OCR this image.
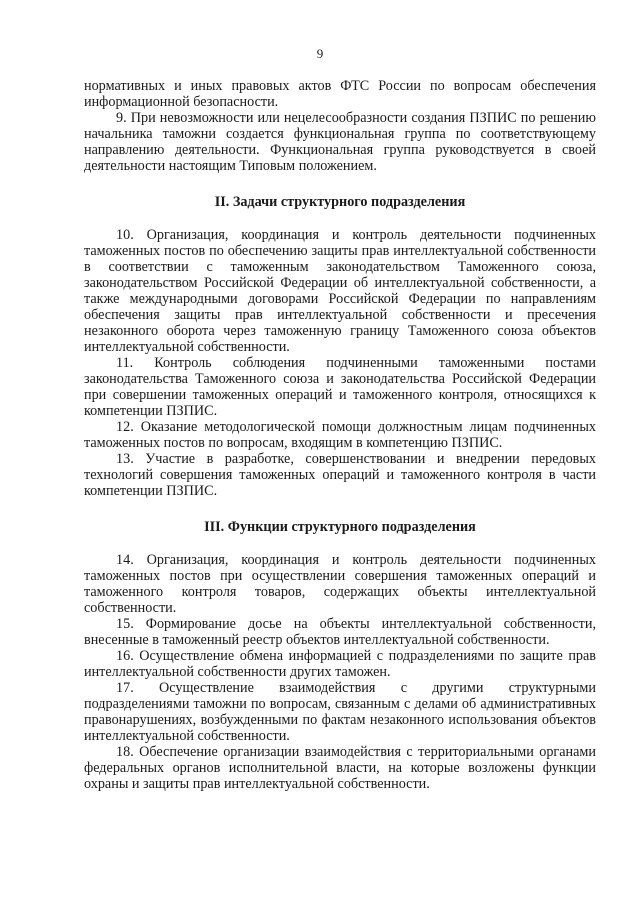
9

нормативных и иных правовых актов ФТС России по вопросам обеспечения информационной безопасности.

9. При невозможности или нецелесообразности создания ПЗПИС по решению начальника таможни создается функциональная группа по соответствующему направлению деятельности. Функциональная группа руководствуется в своей деятельности настоящим Типовым положением.

II. Задачи структурного подразделения

10. Организация, координация и контроль деятельности подчиненных таможенных постов по обеспечению защиты прав интеллектуальной собственности в соответствии с таможенным законодательством Таможенного союза, законодательством Российской Федерации об интеллектуальной собственности, а также международными договорами Российской Федерации по направлениям обеспечения защиты прав интеллектуальной собственности и пресечения незаконного оборота через таможенную границу Таможенного союза объектов интеллектуальной собственности.

11. Контроль соблюдения подчиненными таможенными постами законодательства Таможенного союза и законодательства Российской Федерации при совершении таможенных операций и таможенного контроля, относящихся к компетенции ПЗПИС.

12. Оказание методологической помощи должностным лицам подчиненных таможенных постов по вопросам, входящим в компетенцию ПЗПИС.

13. Участие в разработке, совершенствовании и внедрении передовых технологий совершения таможенных операций и таможенного контроля в части компетенции ПЗПИС.

III. Функции структурного подразделения

14. Организация, координация и контроль деятельности подчиненных таможенных постов при осуществлении совершения таможенных операций и таможенного контроля товаров, содержащих объекты интеллектуальной собственности.

15. Формирование досье на объекты интеллектуальной собственности, внесенные в таможенный реестр объектов интеллектуальной собственности.

16. Осуществление обмена информацией с подразделениями по защите прав интеллектуальной собственности других таможен.

17. Осуществление взаимодействия с другими структурными подразделениями таможни по вопросам, связанным с делами об административных правонарушениях, возбужденными по фактам незаконного использования объектов интеллектуальной собственности.

18. Обеспечение организации взаимодействия с территориальными органами федеральных органов исполнительной власти, на которые возложены функции охраны и защиты прав интеллектуальной собственности.
